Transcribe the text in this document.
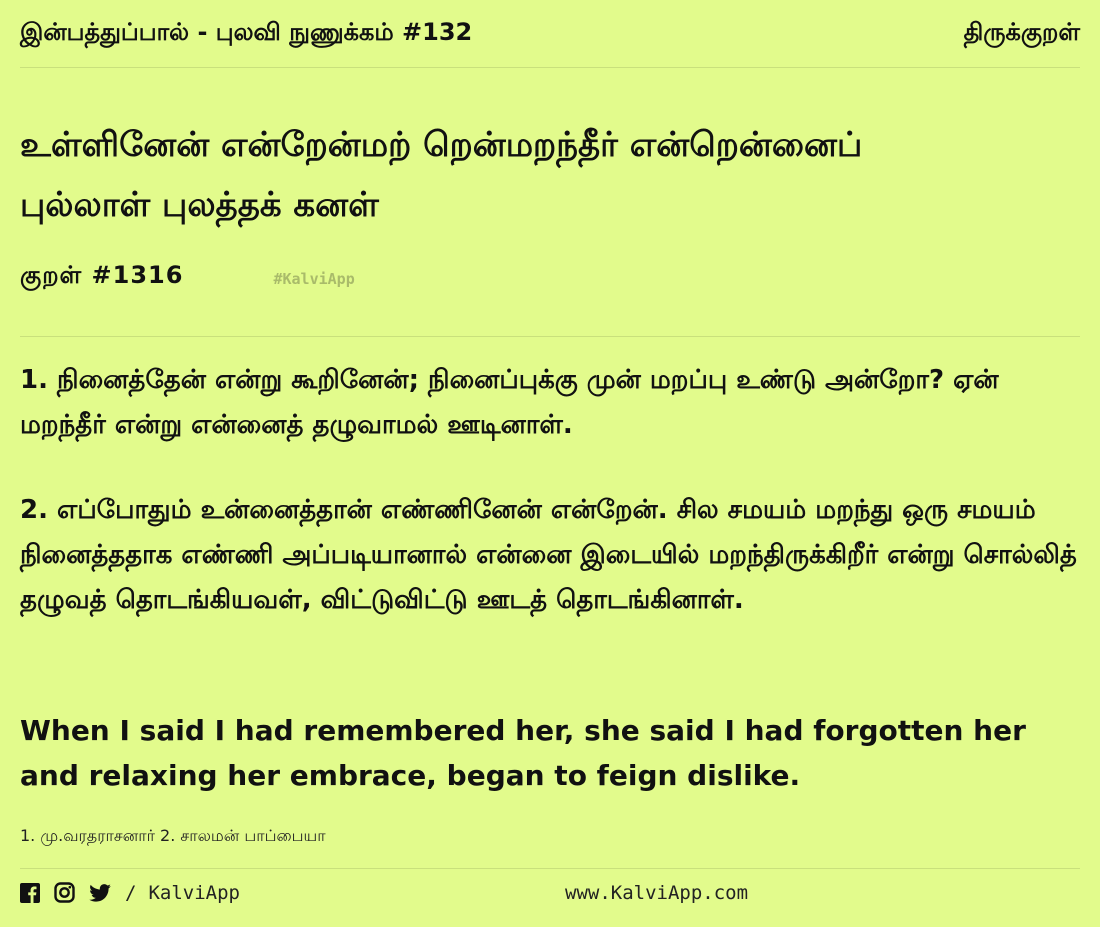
இன்பத்துப்பால் - புலவி நுணுக்கம் #132	திருக்குறள்
உள்ளினேன் என்றேன்மற் றென்மறந்தீர் என்றென்னைப்
புல்லாள் புலத்தக் கனள்
குறள் #1316	#KalviApp
1. நினைத்தேன் என்று கூறினேன்; நினைப்புக்கு முன் மறப்பு உண்டு அன்றோ? ஏன் மறந்தீர் என்று என்னைத் தழுவாமல் ஊடினாள்.
2. எப்போதும் உன்னைத்தான் எண்ணினேன் என்றேன். சில சமயம் மறந்து ஒரு சமயம் நினைத்ததாக எண்ணி அப்படியானால் என்னை இடையில் மறந்திருக்கிறீர் என்று சொல்லித் தழுவத் தொடங்கியவள், விட்டுவிட்டு ஊடத் தொடங்கினாள்.
When I said I had remembered her, she said I had forgotten her and relaxing her embrace, began to feign dislike.
1. மு.வரதராசனார் 2. சாலமன் பாப்பையா
/ KalviApp	www.KalviApp.com
